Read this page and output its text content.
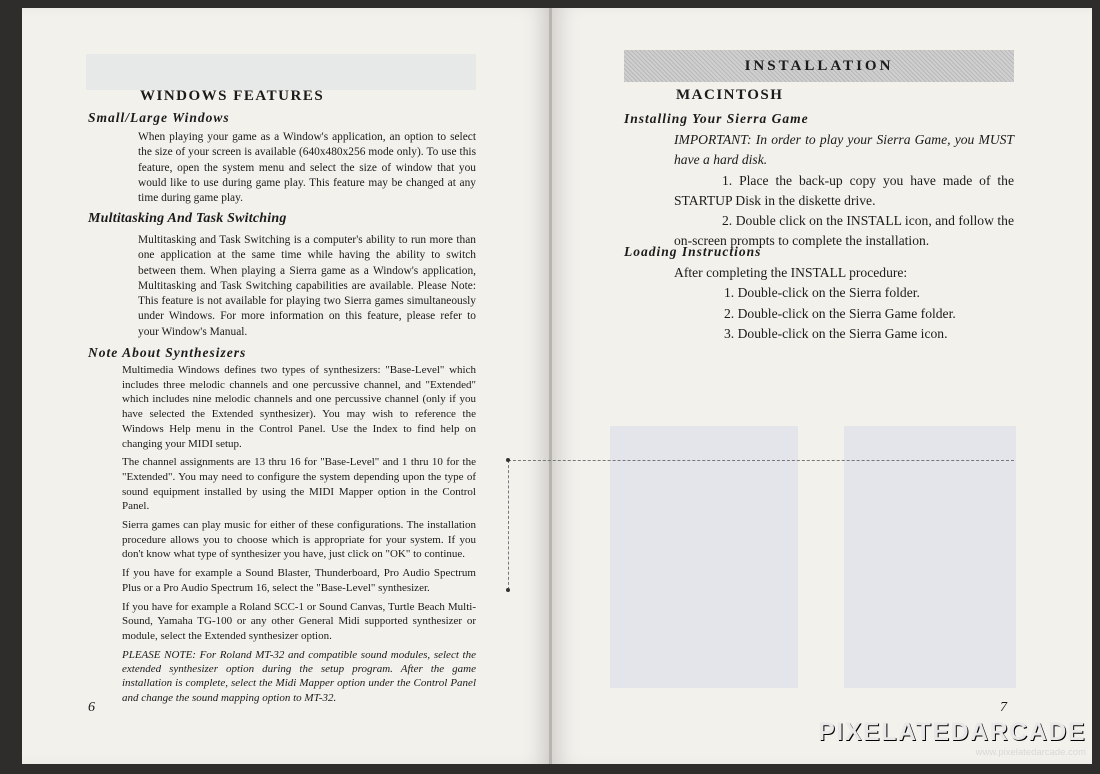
WINDOWS FEATURES
Small/Large Windows

When playing your game as a Window's application, an option to select the size of your screen is available (640x480x256 mode only). To use this feature, open the system menu and select the size of window that you would like to use during game play. This feature may be changed at any time during game play.

Multitasking And Task Switching

Multitasking and Task Switching is a computer's ability to run more than one application at the same time while having the ability to switch between them. When playing a Sierra game as a Window's application, Multitasking and Task Switching capabilities are available. Please Note: This feature is not available for playing two Sierra games simultaneously under Windows. For more information on this feature, please refer to your Window's Manual.

Note About Synthesizers

Multimedia Windows defines two types of synthesizers: "Base-Level" which includes three melodic channels and one percussive channel, and "Extended" which includes nine melodic channels and one percussive channel (only if you have selected the Extended synthesizer). You may wish to reference the Windows Help menu in the Control Panel. Use the Index to find help on changing your MIDI setup.

The channel assignments are 13 thru 16 for "Base-Level" and 1 thru 10 for the "Extended". You may need to configure the system depending upon the type of sound equipment installed by using the MIDI Mapper option in the Control Panel.

Sierra games can play music for either of these configurations. The installation procedure allows you to choose which is appropriate for your system. If you don't know what type of synthesizer you have, just click on "OK" to continue.

If you have for example a Sound Blaster, Thunderboard, Pro Audio Spectrum Plus or a Pro Audio Spectrum 16, select the "Base-Level" synthesizer.

If you have for example a Roland SCC-1 or Sound Canvas, Turtle Beach Multi-Sound, Yamaha TG-100 or any other General Midi supported synthesizer or module, select the Extended synthesizer option.

PLEASE NOTE: For Roland MT-32 and compatible sound modules, select the extended synthesizer option during the setup program. After the game installation is complete, select the Midi Mapper option under the Control Panel and change the sound mapping option to MT-32.

6
INSTALLATION
MACINTOSH
Installing Your Sierra Game

IMPORTANT: In order to play your Sierra Game, you MUST have a hard disk.

1. Place the back-up copy you have made of the STARTUP Disk in the diskette drive.

2. Double click on the INSTALL icon, and follow the on-screen prompts to complete the installation.

Loading Instructions

After completing the INSTALL procedure:

1. Double-click on the Sierra folder.

2. Double-click on the Sierra Game folder.

3. Double-click on the Sierra Game icon.

7
PIXELATEDARCADE
www.pixelatedarcade.com
